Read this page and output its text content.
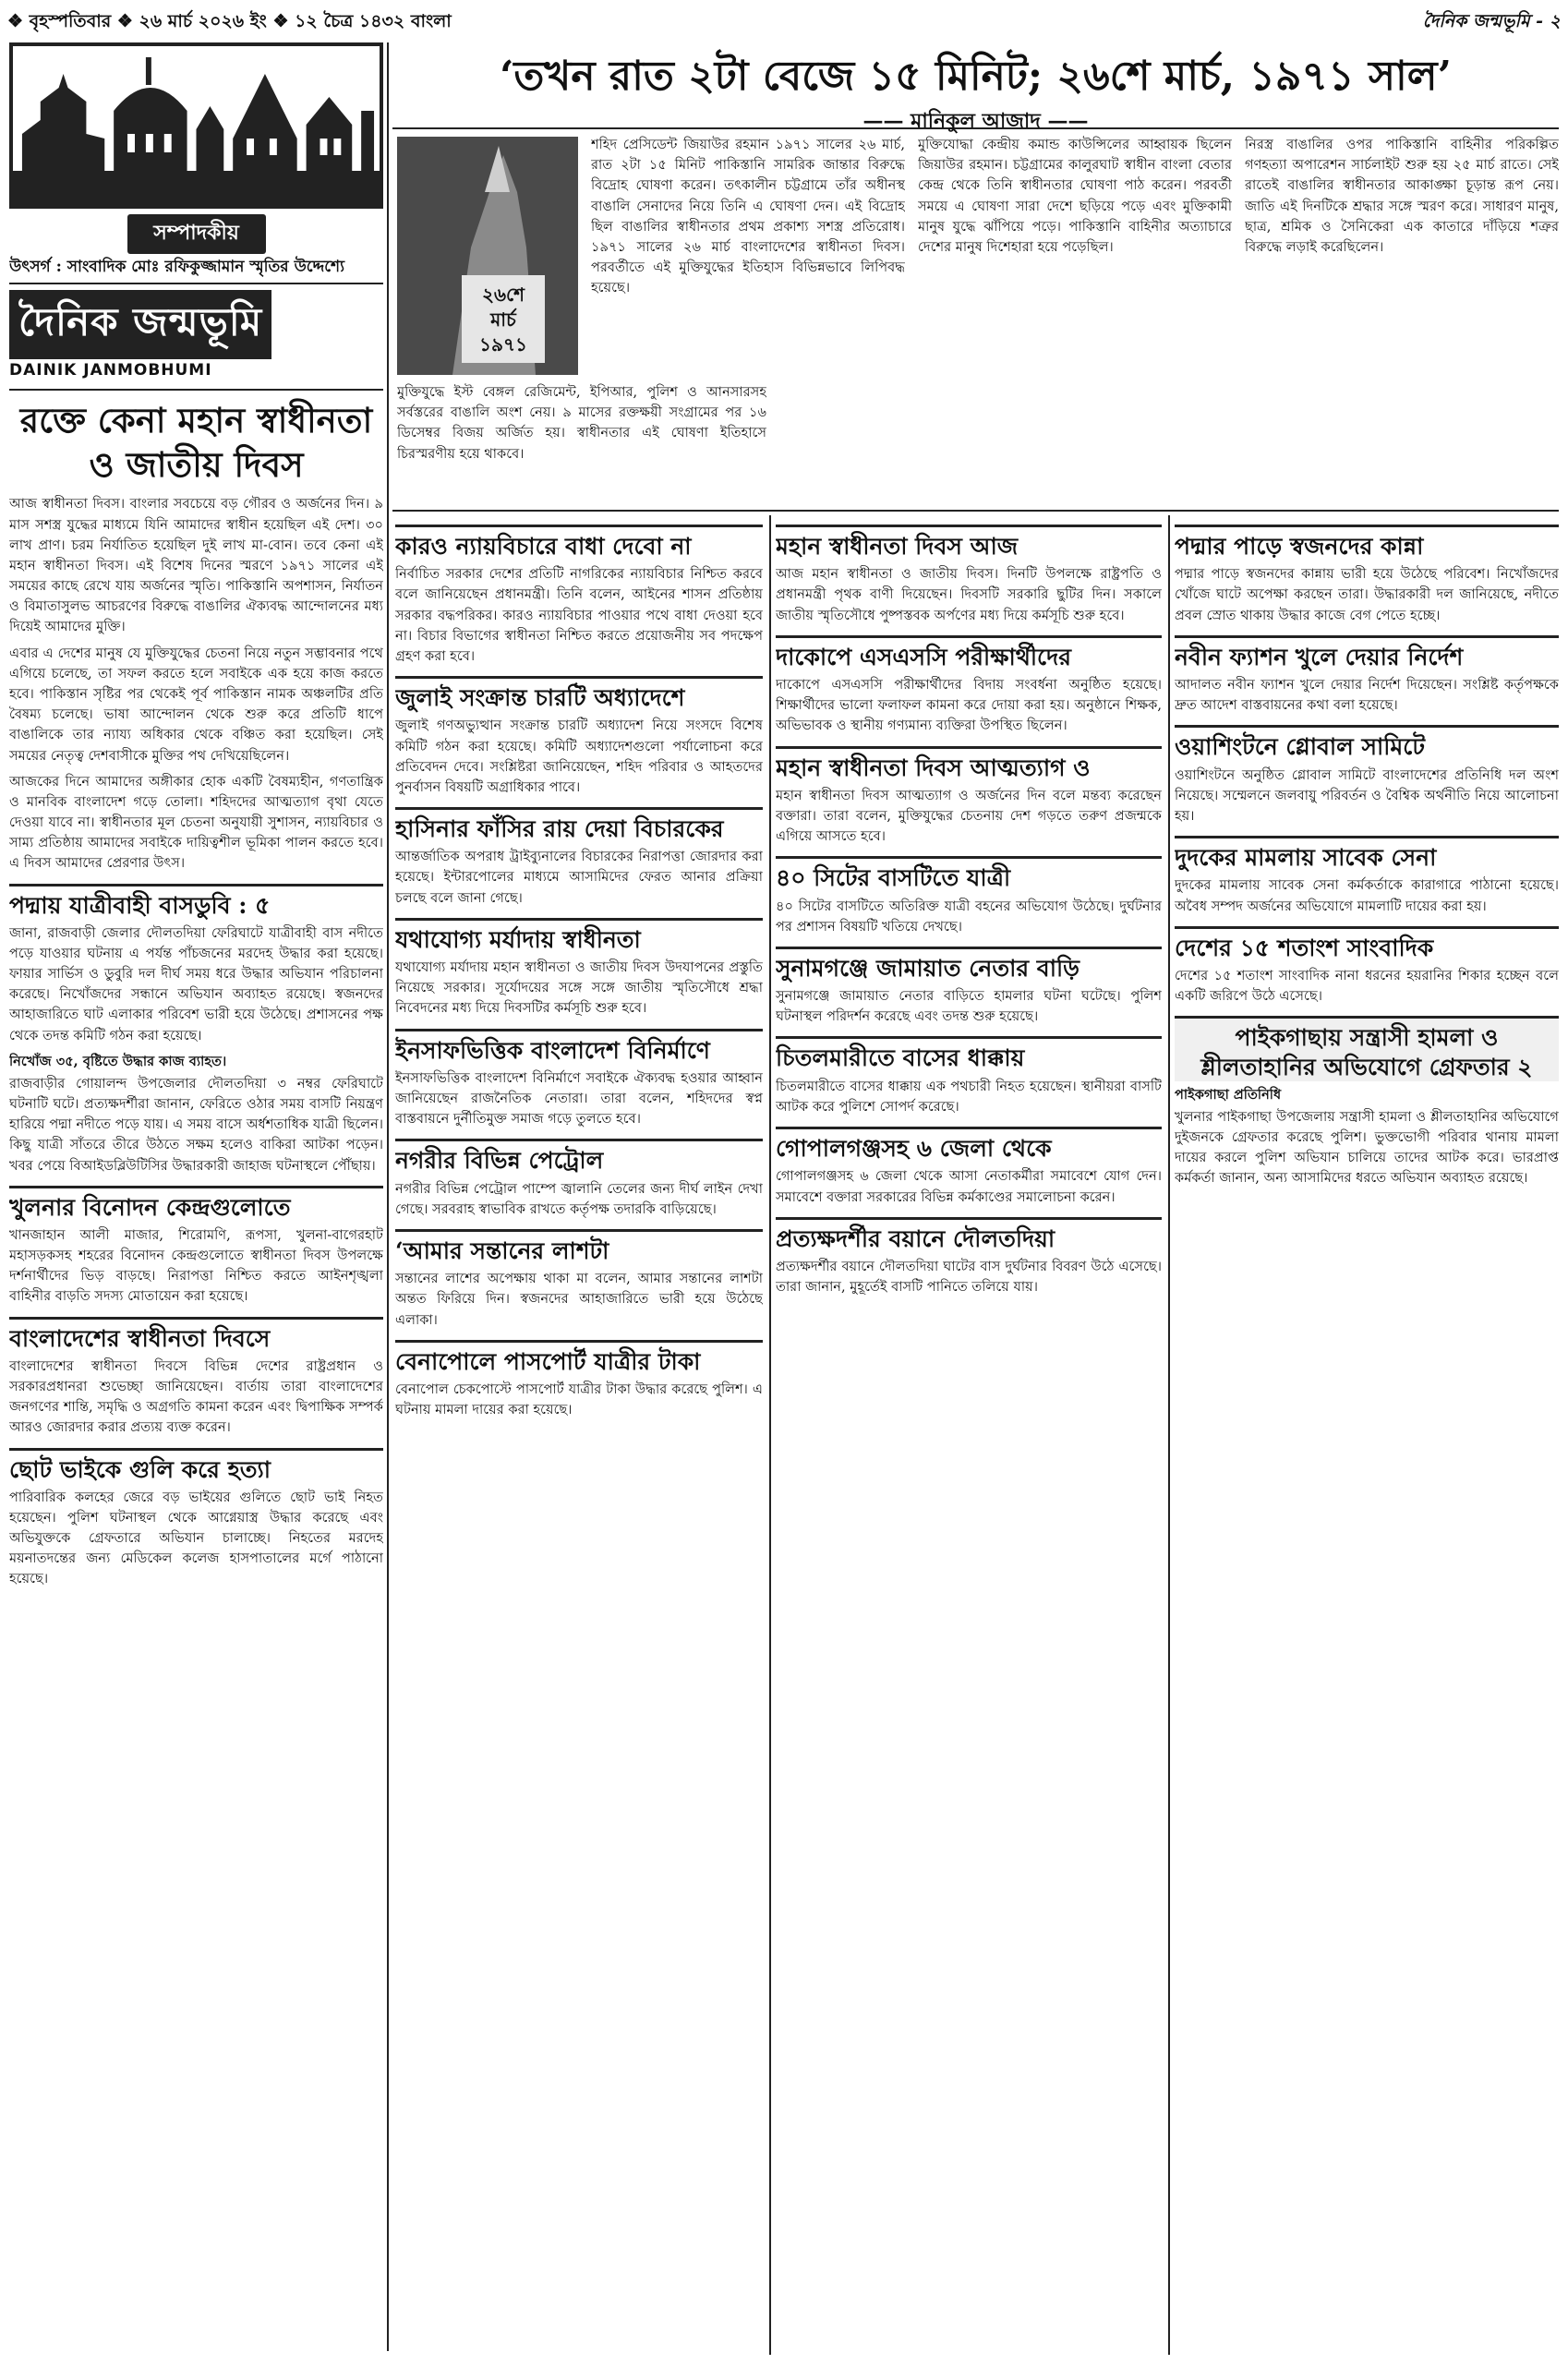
❖ বৃহস্পতিবার ❖ ২৬ মার্চ ২০২৬ ইং ❖ ১২ চৈত্র ১৪৩২ বাংলা	দৈনিক জন্মভূমি - ২
সম্পাদকীয়
উৎসর্গ : সাংবাদিক মোঃ রফিকুজ্জামান স্মৃতির উদ্দেশ্যে
দৈনিক জন্মভূমি
DAINIK JANMOBHUMI
রক্তে কেনা মহান স্বাধীনতা ও জাতীয় দিবস

আজ স্বাধীনতা দিবস। বাংলার সবচেয়ে বড় গৌরব ও অর্জনের দিন। ৯ মাস সশস্ত্র যুদ্ধের মাধ্যমে যিনি আমাদের স্বাধীন হয়েছিল এই দেশ। ৩০ লাখ প্রাণ। চরম নির্যাতিত হয়েছিল দুই লাখ মা-বোন। তবে কেনা এই মহান স্বাধীনতা দিবস। এই বিশেষ দিনের স্মরণে ১৯৭১ সালের এই সময়ের কাছে রেখে যায় অর্জনের স্মৃতি। পাকিস্তানি অপশাসন, নির্যাতন ও বিমাতাসুলভ আচরণের বিরুদ্ধে বাঙালির ঐক্যবদ্ধ আন্দোলনের মধ্য দিয়েই আমাদের মুক্তি।

এবার এ দেশের মানুষ যে মুক্তিযুদ্ধের চেতনা নিয়ে নতুন সম্ভাবনার পথে এগিয়ে চলেছে, তা সফল করতে হলে সবাইকে এক হয়ে কাজ করতে হবে। পাকিস্তান সৃষ্টির পর থেকেই পূর্ব পাকিস্তান নামক অঞ্চলটির প্রতি বৈষম্য চলেছে। ভাষা আন্দোলন থেকে শুরু করে প্রতিটি ধাপে বাঙালিকে তার ন্যায্য অধিকার থেকে বঞ্চিত করা হয়েছিল। সেই সময়ের নেতৃত্ব দেশবাসীকে মুক্তির পথ দেখিয়েছিলেন।

আজকের দিনে আমাদের অঙ্গীকার হোক একটি বৈষম্যহীন, গণতান্ত্রিক ও মানবিক বাংলাদেশ গড়ে তোলা। শহিদদের আত্মত্যাগ বৃথা যেতে দেওয়া যাবে না। স্বাধীনতার মূল চেতনা অনুযায়ী সুশাসন, ন্যায়বিচার ও সাম্য প্রতিষ্ঠায় আমাদের সবাইকে দায়িত্বশীল ভূমিকা পালন করতে হবে। এ দিবস আমাদের প্রেরণার উৎস।

পদ্মায় যাত্রীবাহী বাসডুবি : ৫

জানা, রাজবাড়ী জেলার দৌলতদিয়া ফেরিঘাটে যাত্রীবাহী বাস নদীতে পড়ে যাওয়ার ঘটনায় এ পর্যন্ত পাঁচজনের মরদেহ উদ্ধার করা হয়েছে। ফায়ার সার্ভিস ও ডুবুরি দল দীর্ঘ সময় ধরে উদ্ধার অভিযান পরিচালনা করেছে। নিখোঁজদের সন্ধানে অভিযান অব্যাহত রয়েছে। স্বজনদের আহাজারিতে ঘাট এলাকার পরিবেশ ভারী হয়ে উঠেছে। প্রশাসনের পক্ষ থেকে তদন্ত কমিটি গঠন করা হয়েছে।

নিখোঁজ ৩৫, বৃষ্টিতে উদ্ধার কাজ ব্যাহত।

রাজবাড়ীর গোয়ালন্দ উপজেলার দৌলতদিয়া ৩ নম্বর ফেরিঘাটে ঘটনাটি ঘটে। প্রত্যক্ষদর্শীরা জানান, ফেরিতে ওঠার সময় বাসটি নিয়ন্ত্রণ হারিয়ে পদ্মা নদীতে পড়ে যায়। এ সময় বাসে অর্ধশতাধিক যাত্রী ছিলেন। কিছু যাত্রী সাঁতরে তীরে উঠতে সক্ষম হলেও বাকিরা আটকা পড়েন। খবর পেয়ে বিআইডব্লিউটিসির উদ্ধারকারী জাহাজ ঘটনাস্থলে পৌঁছায়।

খুলনার বিনোদন কেন্দ্রগুলোতে

খানজাহান আলী মাজার, শিরোমণি, রূপসা, খুলনা-বাগেরহাট মহাসড়কসহ শহরের বিনোদন কেন্দ্রগুলোতে স্বাধীনতা দিবস উপলক্ষে দর্শনার্থীদের ভিড় বাড়ছে। নিরাপত্তা নিশ্চিত করতে আইনশৃঙ্খলা বাহিনীর বাড়তি সদস্য মোতায়েন করা হয়েছে।

বাংলাদেশের স্বাধীনতা দিবসে

বাংলাদেশের স্বাধীনতা দিবসে বিভিন্ন দেশের রাষ্ট্রপ্রধান ও সরকারপ্রধানরা শুভেচ্ছা জানিয়েছেন। বার্তায় তারা বাংলাদেশের জনগণের শান্তি, সমৃদ্ধি ও অগ্রগতি কামনা করেন এবং দ্বিপাক্ষিক সম্পর্ক আরও জোরদার করার প্রত্যয় ব্যক্ত করেন।

ছোট ভাইকে গুলি করে হত্যা

পারিবারিক কলহের জেরে বড় ভাইয়ের গুলিতে ছোট ভাই নিহত হয়েছেন। পুলিশ ঘটনাস্থল থেকে আগ্নেয়াস্ত্র উদ্ধার করেছে এবং অভিযুক্তকে গ্রেফতারে অভিযান চালাচ্ছে। নিহতের মরদেহ ময়নাতদন্তের জন্য মেডিকেল কলেজ হাসপাতালের মর্গে পাঠানো হয়েছে।

‘তখন রাত ২টা বেজে ১৫ মিনিট; ২৬শে মার্চ, ১৯৭১ সাল’
—— মানিকুল আজাদ ——
২৬শে
মার্চ
১৯৭১

শহিদ প্রেসিডেন্ট জিয়াউর রহমান ১৯৭১ সালের ২৬ মার্চ, রাত ২টা ১৫ মিনিট পাকিস্তানি সামরিক জান্তার বিরুদ্ধে বিদ্রোহ ঘোষণা করেন। তৎকালীন চট্টগ্রামে তাঁর অধীনস্থ বাঙালি সেনাদের নিয়ে তিনি এ ঘোষণা দেন। এই বিদ্রোহ ছিল বাঙালির স্বাধীনতার প্রথম প্রকাশ্য সশস্ত্র প্রতিরোধ। ১৯৭১ সালের ২৬ মার্চ বাংলাদেশের স্বাধীনতা দিবস। পরবর্তীতে এই মুক্তিযুদ্ধের ইতিহাস বিভিন্নভাবে লিপিবদ্ধ হয়েছে।

মুক্তিযোদ্ধা কেন্দ্রীয় কমান্ড কাউন্সিলের আহ্বায়ক ছিলেন জিয়াউর রহমান। চট্টগ্রামের কালুরঘাট স্বাধীন বাংলা বেতার কেন্দ্র থেকে তিনি স্বাধীনতার ঘোষণা পাঠ করেন। পরবর্তী সময়ে এ ঘোষণা সারা দেশে ছড়িয়ে পড়ে এবং মুক্তিকামী মানুষ যুদ্ধে ঝাঁপিয়ে পড়ে। পাকিস্তানি বাহিনীর অত্যাচারে দেশের মানুষ দিশেহারা হয়ে পড়েছিল।

নিরস্ত্র বাঙালির ওপর পাকিস্তানি বাহিনীর পরিকল্পিত গণহত্যা অপারেশন সার্চলাইট শুরু হয় ২৫ মার্চ রাতে। সেই রাতেই বাঙালির স্বাধীনতার আকাঙ্ক্ষা চূড়ান্ত রূপ নেয়। জাতি এই দিনটিকে শ্রদ্ধার সঙ্গে স্মরণ করে। সাধারণ মানুষ, ছাত্র, শ্রমিক ও সৈনিকেরা এক কাতারে দাঁড়িয়ে শত্রুর বিরুদ্ধে লড়াই করেছিলেন।

মুক্তিযুদ্ধে ইস্ট বেঙ্গল রেজিমেন্ট, ইপিআর, পুলিশ ও আনসারসহ সর্বস্তরের বাঙালি অংশ নেয়। ৯ মাসের রক্তক্ষয়ী সংগ্রামের পর ১৬ ডিসেম্বর বিজয় অর্জিত হয়। স্বাধীনতার এই ঘোষণা ইতিহাসে চিরস্মরণীয় হয়ে থাকবে।

কারও ন্যায়বিচারে বাধা দেবো না

নির্বাচিত সরকার দেশের প্রতিটি নাগরিকের ন্যায়বিচার নিশ্চিত করবে বলে জানিয়েছেন প্রধানমন্ত্রী। তিনি বলেন, আইনের শাসন প্রতিষ্ঠায় সরকার বদ্ধপরিকর। কারও ন্যায়বিচার পাওয়ার পথে বাধা দেওয়া হবে না। বিচার বিভাগের স্বাধীনতা নিশ্চিত করতে প্রয়োজনীয় সব পদক্ষেপ গ্রহণ করা হবে।

জুলাই সংক্রান্ত চারটি অধ্যাদেশে

জুলাই গণঅভ্যুত্থান সংক্রান্ত চারটি অধ্যাদেশ নিয়ে সংসদে বিশেষ কমিটি গঠন করা হয়েছে। কমিটি অধ্যাদেশগুলো পর্যালোচনা করে প্রতিবেদন দেবে। সংশ্লিষ্টরা জানিয়েছেন, শহিদ পরিবার ও আহতদের পুনর্বাসন বিষয়টি অগ্রাধিকার পাবে।

হাসিনার ফাঁসির রায় দেয়া বিচারকের

আন্তর্জাতিক অপরাধ ট্রাইব্যুনালের বিচারকের নিরাপত্তা জোরদার করা হয়েছে। ইন্টারপোলের মাধ্যমে আসামিদের ফেরত আনার প্রক্রিয়া চলছে বলে জানা গেছে।

যথাযোগ্য মর্যাদায় স্বাধীনতা

যথাযোগ্য মর্যাদায় মহান স্বাধীনতা ও জাতীয় দিবস উদযাপনের প্রস্তুতি নিয়েছে সরকার। সূর্যোদয়ের সঙ্গে সঙ্গে জাতীয় স্মৃতিসৌধে শ্রদ্ধা নিবেদনের মধ্য দিয়ে দিবসটির কর্মসূচি শুরু হবে।

ইনসাফভিত্তিক বাংলাদেশ বিনির্মাণে

ইনসাফভিত্তিক বাংলাদেশ বিনির্মাণে সবাইকে ঐক্যবদ্ধ হওয়ার আহ্বান জানিয়েছেন রাজনৈতিক নেতারা। তারা বলেন, শহিদদের স্বপ্ন বাস্তবায়নে দুর্নীতিমুক্ত সমাজ গড়ে তুলতে হবে।

নগরীর বিভিন্ন পেট্রোল

নগরীর বিভিন্ন পেট্রোল পাম্পে জ্বালানি তেলের জন্য দীর্ঘ লাইন দেখা গেছে। সরবরাহ স্বাভাবিক রাখতে কর্তৃপক্ষ তদারকি বাড়িয়েছে।

‘আমার সন্তানের লাশটা

সন্তানের লাশের অপেক্ষায় থাকা মা বলেন, আমার সন্তানের লাশটা অন্তত ফিরিয়ে দিন। স্বজনদের আহাজারিতে ভারী হয়ে উঠেছে এলাকা।

বেনাপোলে পাসপোর্ট যাত্রীর টাকা

বেনাপোল চেকপোস্টে পাসপোর্ট যাত্রীর টাকা উদ্ধার করেছে পুলিশ। এ ঘটনায় মামলা দায়ের করা হয়েছে।

মহান স্বাধীনতা দিবস আজ

আজ মহান স্বাধীনতা ও জাতীয় দিবস। দিনটি উপলক্ষে রাষ্ট্রপতি ও প্রধানমন্ত্রী পৃথক বাণী দিয়েছেন। দিবসটি সরকারি ছুটির দিন। সকালে জাতীয় স্মৃতিসৌধে পুষ্পস্তবক অর্পণের মধ্য দিয়ে কর্মসূচি শুরু হবে।

দাকোপে এসএসসি পরীক্ষার্থীদের

দাকোপে এসএসসি পরীক্ষার্থীদের বিদায় সংবর্ধনা অনুষ্ঠিত হয়েছে। শিক্ষার্থীদের ভালো ফলাফল কামনা করে দোয়া করা হয়। অনুষ্ঠানে শিক্ষক, অভিভাবক ও স্থানীয় গণ্যমান্য ব্যক্তিরা উপস্থিত ছিলেন।

মহান স্বাধীনতা দিবস আত্মত্যাগ ও

মহান স্বাধীনতা দিবস আত্মত্যাগ ও অর্জনের দিন বলে মন্তব্য করেছেন বক্তারা। তারা বলেন, মুক্তিযুদ্ধের চেতনায় দেশ গড়তে তরুণ প্রজন্মকে এগিয়ে আসতে হবে।

৪০ সিটের বাসটিতে যাত্রী

৪০ সিটের বাসটিতে অতিরিক্ত যাত্রী বহনের অভিযোগ উঠেছে। দুর্ঘটনার পর প্রশাসন বিষয়টি খতিয়ে দেখছে।

সুনামগঞ্জে জামায়াত নেতার বাড়ি

সুনামগঞ্জে জামায়াত নেতার বাড়িতে হামলার ঘটনা ঘটেছে। পুলিশ ঘটনাস্থল পরিদর্শন করেছে এবং তদন্ত শুরু হয়েছে।

চিতলমারীতে বাসের ধাক্কায়

চিতলমারীতে বাসের ধাক্কায় এক পথচারী নিহত হয়েছেন। স্থানীয়রা বাসটি আটক করে পুলিশে সোপর্দ করেছে।

গোপালগঞ্জসহ ৬ জেলা থেকে

গোপালগঞ্জসহ ৬ জেলা থেকে আসা নেতাকর্মীরা সমাবেশে যোগ দেন। সমাবেশে বক্তারা সরকারের বিভিন্ন কর্মকাণ্ডের সমালোচনা করেন।

প্রত্যক্ষদর্শীর বয়ানে দৌলতদিয়া

প্রত্যক্ষদর্শীর বয়ানে দৌলতদিয়া ঘাটের বাস দুর্ঘটনার বিবরণ উঠে এসেছে। তারা জানান, মুহূর্তেই বাসটি পানিতে তলিয়ে যায়।

পদ্মার পাড়ে স্বজনদের কান্না

পদ্মার পাড়ে স্বজনদের কান্নায় ভারী হয়ে উঠেছে পরিবেশ। নিখোঁজদের খোঁজে ঘাটে অপেক্ষা করছেন তারা। উদ্ধারকারী দল জানিয়েছে, নদীতে প্রবল স্রোত থাকায় উদ্ধার কাজে বেগ পেতে হচ্ছে।

নবীন ফ্যাশন খুলে দেয়ার নির্দেশ

আদালত নবীন ফ্যাশন খুলে দেয়ার নির্দেশ দিয়েছেন। সংশ্লিষ্ট কর্তৃপক্ষকে দ্রুত আদেশ বাস্তবায়নের কথা বলা হয়েছে।

ওয়াশিংটনে গ্লোবাল সামিটে

ওয়াশিংটনে অনুষ্ঠিত গ্লোবাল সামিটে বাংলাদেশের প্রতিনিধি দল অংশ নিয়েছে। সম্মেলনে জলবায়ু পরিবর্তন ও বৈশ্বিক অর্থনীতি নিয়ে আলোচনা হয়।

দুদকের মামলায় সাবেক সেনা

দুদকের মামলায় সাবেক সেনা কর্মকর্তাকে কারাগারে পাঠানো হয়েছে। অবৈধ সম্পদ অর্জনের অভিযোগে মামলাটি দায়ের করা হয়।

দেশের ১৫ শতাংশ সাংবাদিক

দেশের ১৫ শতাংশ সাংবাদিক নানা ধরনের হয়রানির শিকার হচ্ছেন বলে একটি জরিপে উঠে এসেছে।

পাইকগাছায় সন্ত্রাসী হামলা ও শ্লীলতাহানির অভিযোগে গ্রেফতার ২
পাইকগাছা প্রতিনিধি

খুলনার পাইকগাছা উপজেলায় সন্ত্রাসী হামলা ও শ্লীলতাহানির অভিযোগে দুইজনকে গ্রেফতার করেছে পুলিশ। ভুক্তভোগী পরিবার থানায় মামলা দায়ের করলে পুলিশ অভিযান চালিয়ে তাদের আটক করে। ভারপ্রাপ্ত কর্মকর্তা জানান, অন্য আসামিদের ধরতে অভিযান অব্যাহত রয়েছে।
